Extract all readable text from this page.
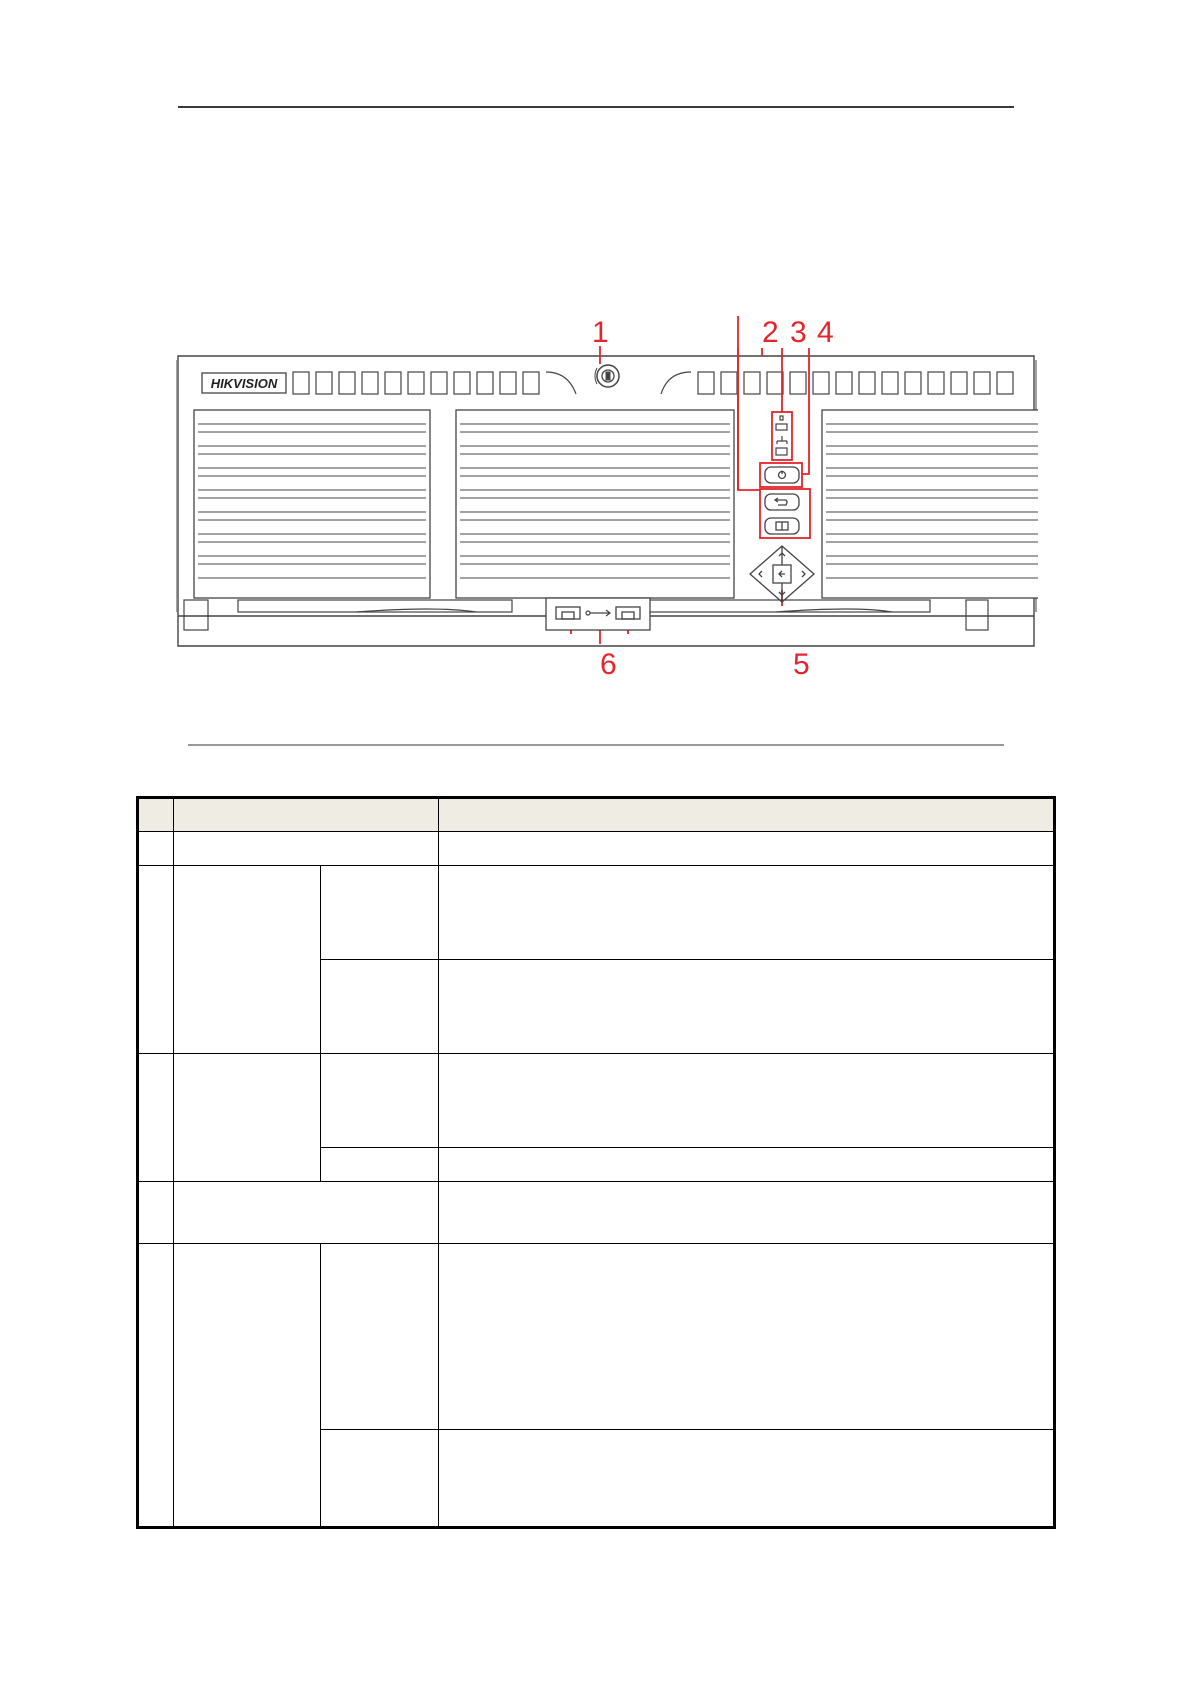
1	2 3 4
5
6
HIKVISION
